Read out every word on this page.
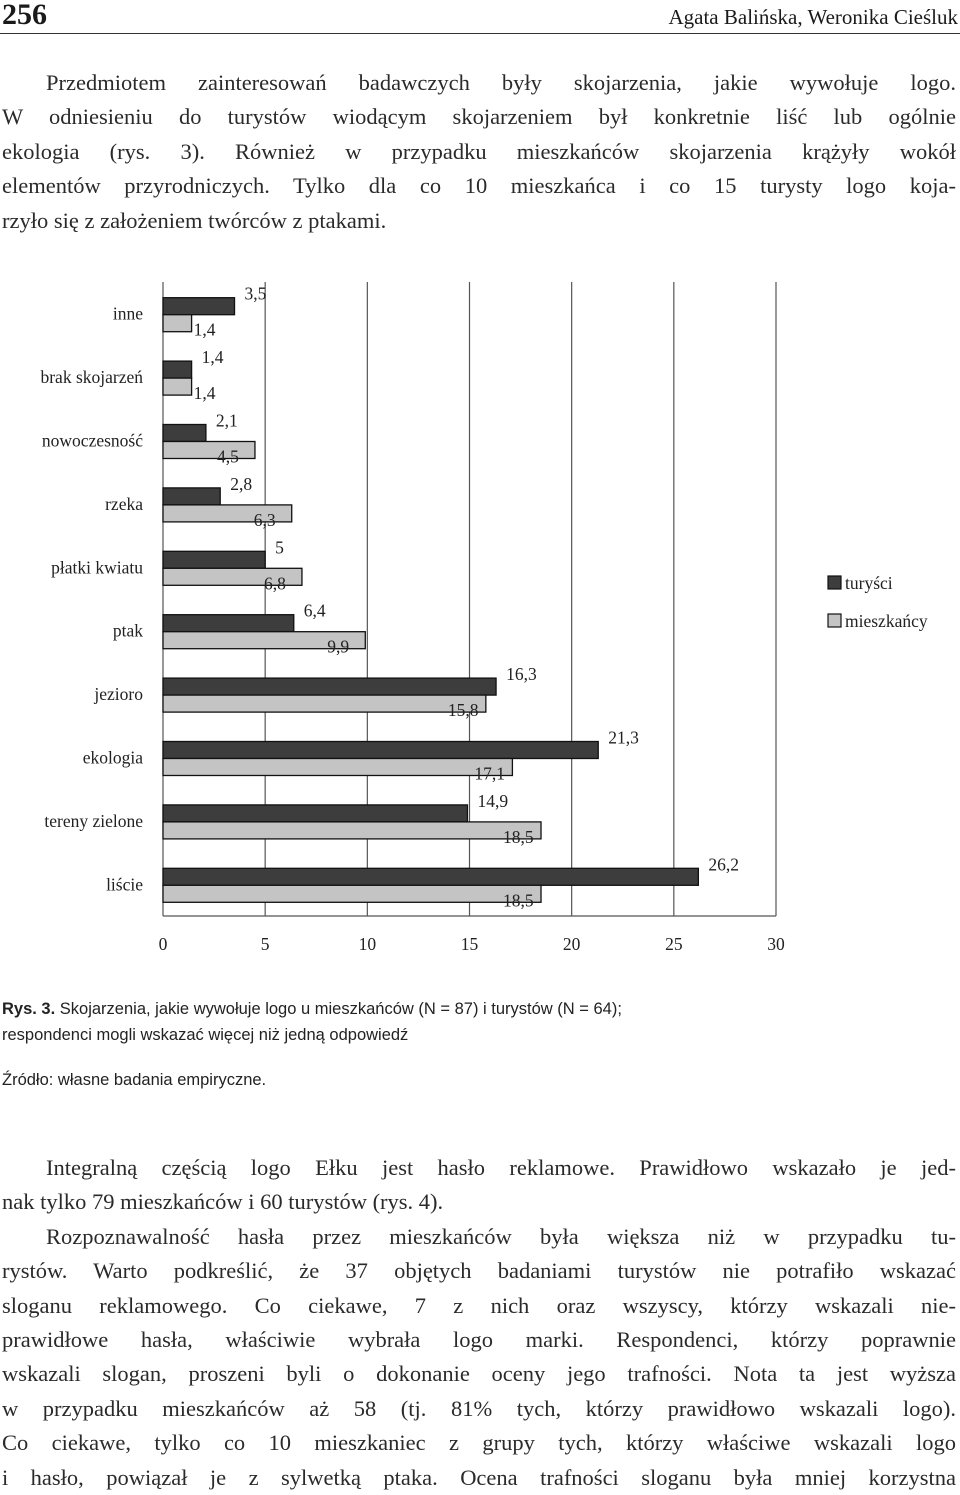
256	Agata Balińska, Weronika Cieśluk
Przedmiotem zainteresowań badawczych były skojarzenia, jakie wywołuje logo.
W odniesieniu do turystów wiodącym skojarzeniem był konkretnie liść lub ogólnie
ekologia (rys. 3). Również w przypadku mieszkańców skojarzenia krążyły wokół
elementów przyrodniczych. Tylko dla co 10 mieszkańca i co 15 turysty logo koja-
rzyło się z założeniem twórców z ptakami.
0	5	10	15	20	25	30
inne
3,5
1,4
brak skojarzeń
1,4
1,4
nowoczesność
2,1
4,5
rzeka
2,8
6,3
płatki kwiatu
5
6,8
ptak
6,4
9,9
jezioro
16,3
15,8
ekologia
21,3
17,1
tereny zielone
14,9
18,5
liście
26,2
18,5
turyści
mieszkańcy

Rys. 3. Skojarzenia, jakie wywołuje logo u mieszkańców (N = 87) i turystów (N = 64);
respondenci mogli wskazać więcej niż jedną odpowiedź

Źródło: własne badania empiryczne.

Integralną częścią logo Ełku jest hasło reklamowe. Prawidłowo wskazało je jed-
nak tylko 79 mieszkańców i 60 turystów (rys. 4).
Rozpoznawalność hasła przez mieszkańców była większa niż w przypadku tu-
rystów. Warto podkreślić, że 37 objętych badaniami turystów nie potrafiło wskazać
sloganu reklamowego. Co ciekawe, 7 z nich oraz wszyscy, którzy wskazali nie-
prawidłowe hasła, właściwie wybrała logo marki. Respondenci, którzy poprawnie
wskazali slogan, proszeni byli o dokonanie oceny jego trafności. Nota ta jest wyższa
w przypadku mieszkańców aż 58 (tj. 81% tych, którzy prawidłowo wskazali logo).
Co ciekawe, tylko co 10 mieszkaniec z grupy tych, którzy właściwe wskazali logo
i hasło, powiązał je z sylwetką ptaka. Ocena trafności sloganu była mniej korzystna
